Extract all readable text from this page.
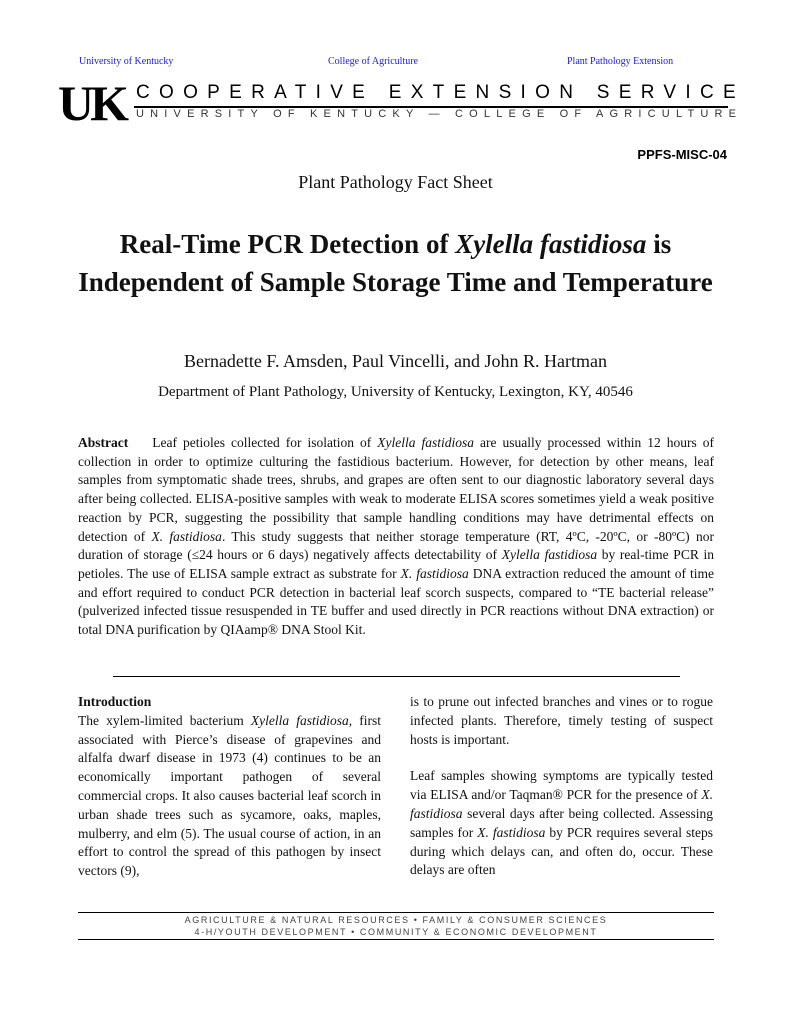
University of Kentucky	College of Agriculture	Plant Pathology Extension
UK COOPERATIVE EXTENSION SERVICE
UNIVERSITY OF KENTUCKY — COLLEGE OF AGRICULTURE
PPFS-MISC-04
Plant Pathology Fact Sheet
Real-Time PCR Detection of Xylella fastidiosa is Independent of Sample Storage Time and Temperature
Bernadette F. Amsden, Paul Vincelli, and John R. Hartman
Department of Plant Pathology, University of Kentucky, Lexington, KY, 40546

Abstract Leaf petioles collected for isolation of Xylella fastidiosa are usually processed within 12 hours of collection in order to optimize culturing the fastidious bacterium. However, for detection by other means, leaf samples from symptomatic shade trees, shrubs, and grapes are often sent to our diagnostic laboratory several days after being collected. ELISA-positive samples with weak to moderate ELISA scores sometimes yield a weak positive reaction by PCR, suggesting the possibility that sample handling conditions may have detrimental effects on detection of X. fastidiosa. This study suggests that neither storage temperature (RT, 4ºC, -20ºC, or -80ºC) nor duration of storage (≤24 hours or 6 days) negatively affects detectability of Xylella fastidiosa by real-time PCR in petioles. The use of ELISA sample extract as substrate for X. fastidiosa DNA extraction reduced the amount of time and effort required to conduct PCR detection in bacterial leaf scorch suspects, compared to “TE bacterial release” (pulverized infected tissue resuspended in TE buffer and used directly in PCR reactions without DNA extraction) or total DNA purification by QIAamp® DNA Stool Kit.

Introduction

The xylem-limited bacterium Xylella fastidiosa, first associated with Pierce’s disease of grapevines and alfalfa dwarf disease in 1973 (4) continues to be an economically important pathogen of several commercial crops. It also causes bacterial leaf scorch in urban shade trees such as sycamore, oaks, maples, mulberry, and elm (5). The usual course of action, in an effort to control the spread of this pathogen by insect vectors (9),

is to prune out infected branches and vines or to rogue infected plants. Therefore, timely testing of suspect hosts is important.

Leaf samples showing symptoms are typically tested via ELISA and/or Taqman® PCR for the presence of X. fastidiosa several days after being collected. Assessing samples for X. fastidiosa by PCR requires several steps during which delays can, and often do, occur. These delays are often

AGRICULTURE & NATURAL RESOURCES • FAMILY & CONSUMER SCIENCES
4-H/YOUTH DEVELOPMENT • COMMUNITY & ECONOMIC DEVELOPMENT
